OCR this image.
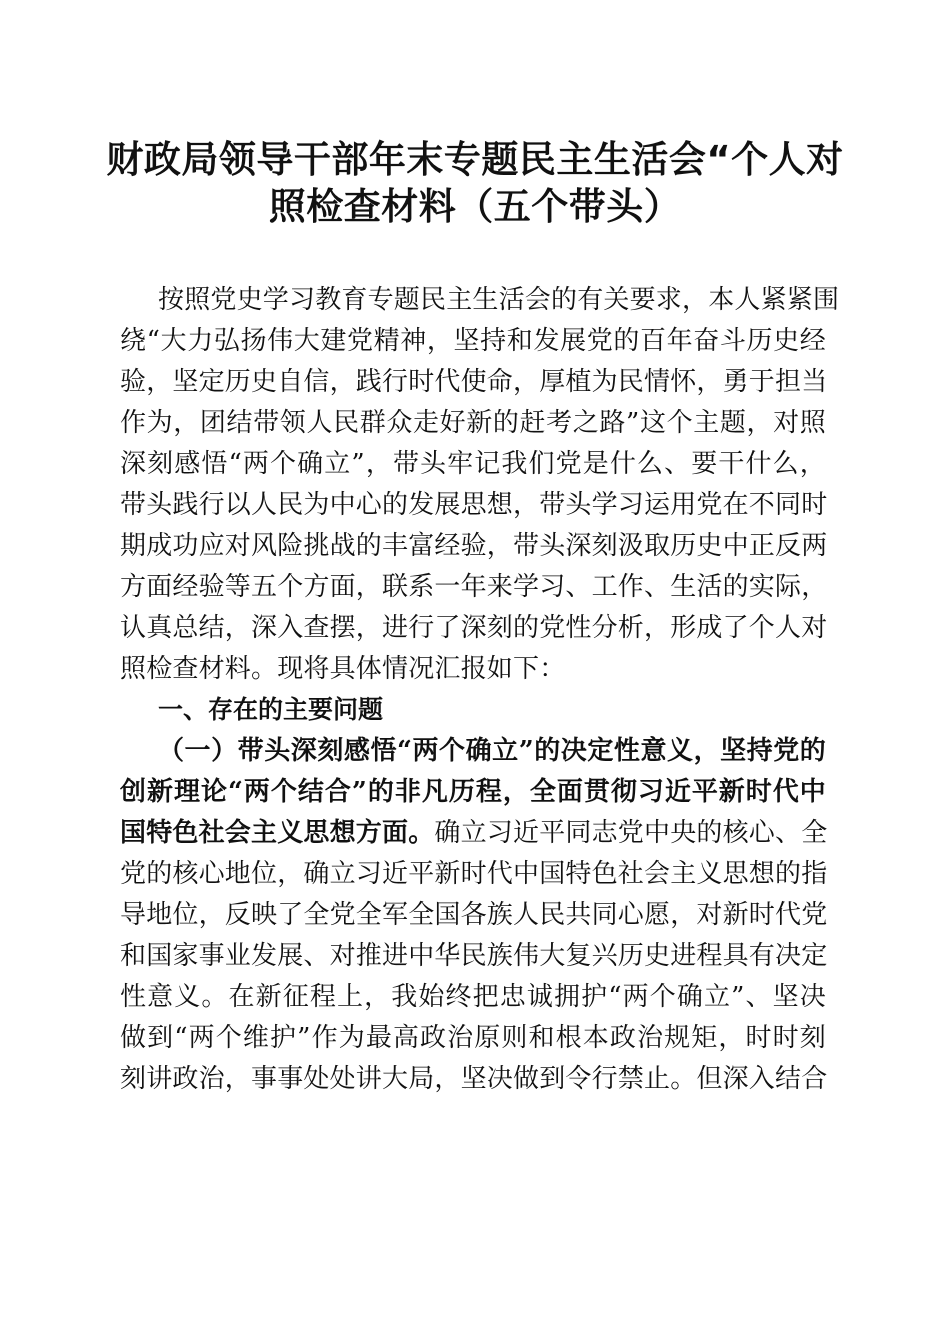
财政局领导干部年末专题民主生活会“个人对
照检查材料（五个带头）
按照党史学习教育专题民主生活会的有关要求，本人紧紧围
绕“大力弘扬伟大建党精神，坚持和发展党的百年奋斗历史经
验，坚定历史自信，践行时代使命，厚植为民情怀，勇于担当
作为，团结带领人民群众走好新的赶考之路”这个主题，对照
深刻感悟“两个确立”，带头牢记我们党是什么、要干什么，
带头践行以人民为中心的发展思想，带头学习运用党在不同时
期成功应对风险挑战的丰富经验，带头深刻汲取历史中正反两
方面经验等五个方面，联系一年来学习、工作、生活的实际，
认真总结，深入查摆，进行了深刻的党性分析，形成了个人对
照检查材料。现将具体情况汇报如下：
一、存在的主要问题
（一）带头深刻感悟“两个确立”的决定性意义，坚持党的
创新理论“两个结合”的非凡历程，全面贯彻习近平新时代中
国特色社会主义思想方面。确立习近平同志党中央的核心、全
党的核心地位，确立习近平新时代中国特色社会主义思想的指
导地位，反映了全党全军全国各族人民共同心愿，对新时代党
和国家事业发展、对推进中华民族伟大复兴历史进程具有决定
性意义。在新征程上，我始终把忠诚拥护“两个确立”、坚决
做到“两个维护”作为最高政治原则和根本政治规矩，时时刻
刻讲政治，事事处处讲大局，坚决做到令行禁止。但深入结合
